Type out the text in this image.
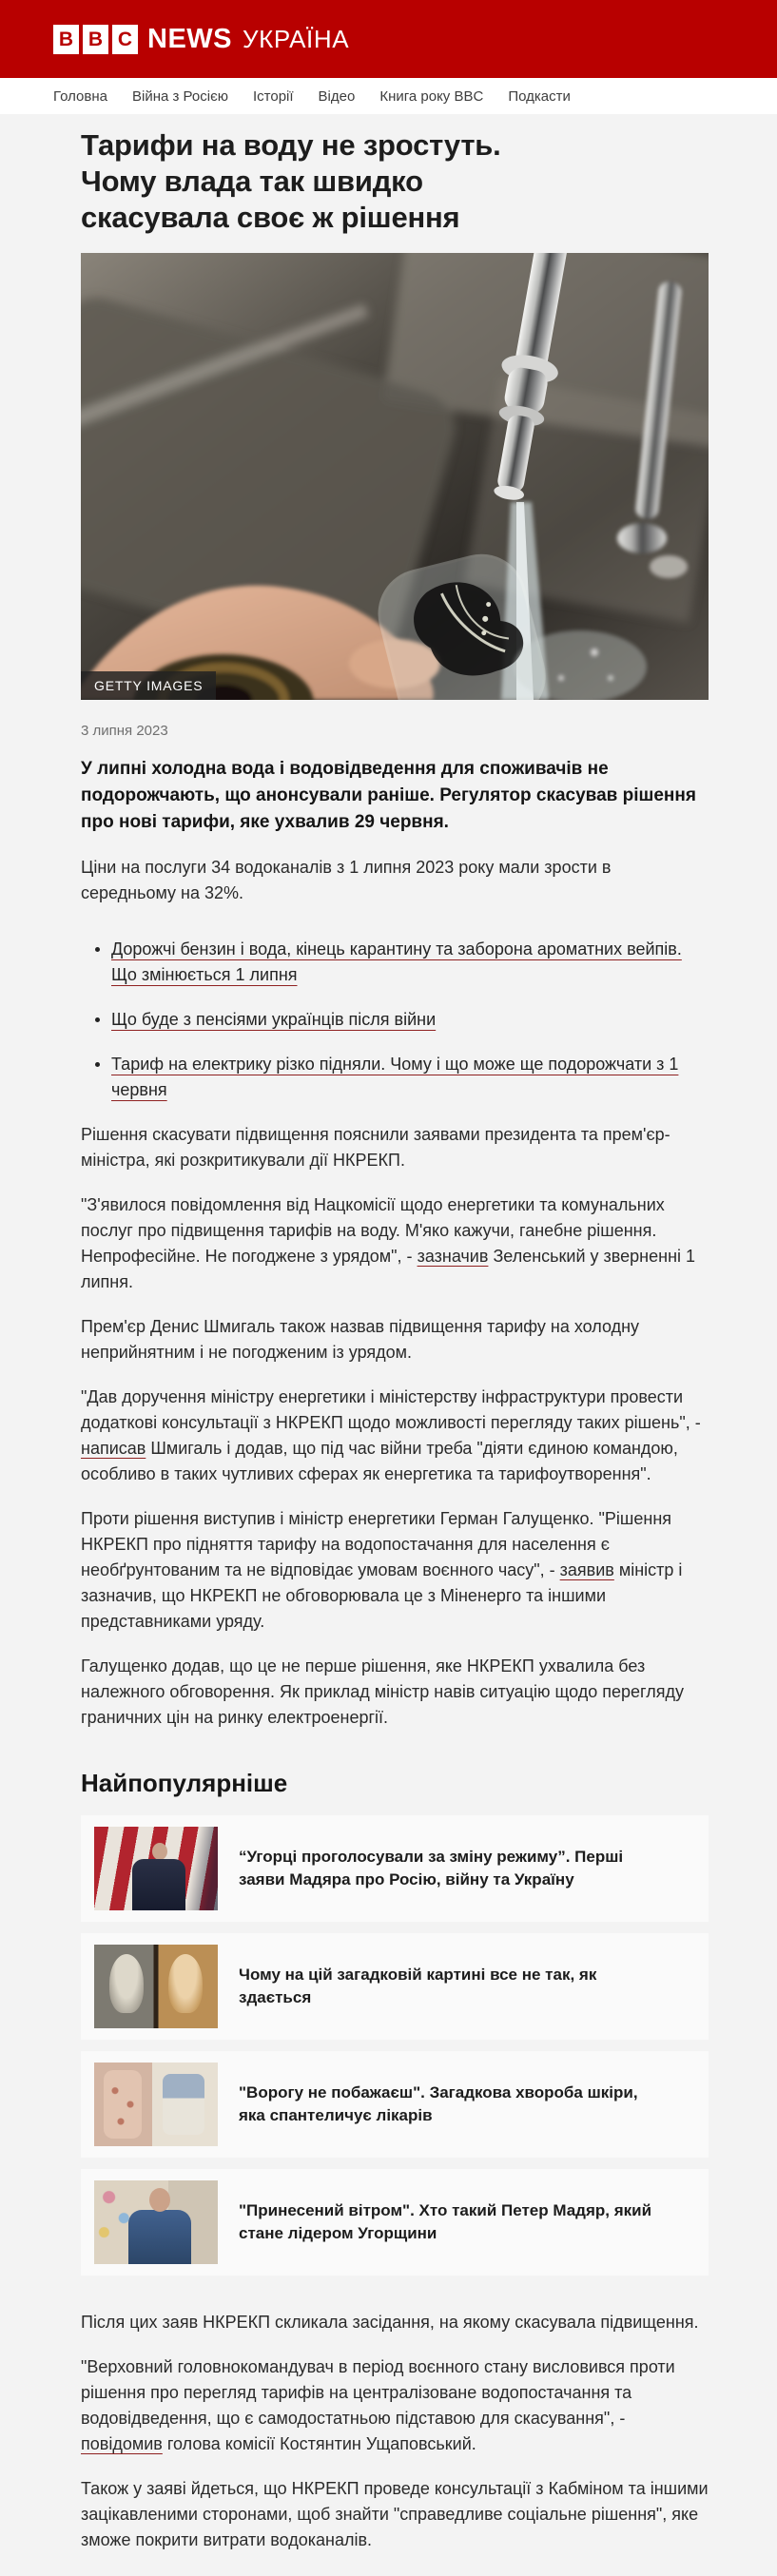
B B C NEWS УКРАЇНА
Головна Війна з Росією Історії Відео Книга року BBC Подкасти
Тарифи на воду не зростуть. Чому влада так швидко скасувала своє ж рішення
GETTY IMAGES
3 липня 2023

У липні холодна вода і водовідведення для споживачів не подорожчають, що анонсували раніше. Регулятор скасував рішення про нові тарифи, яке ухвалив 29 червня.

Ціни на послуги 34 водоканалів з 1 липня 2023 року мали зрости в середньому на 32%.

Дорожчі бензин і вода, кінець карантину та заборона ароматних вейпів. Що змінюється 1 липня
Що буде з пенсіями українців після війни
Тариф на електрику різко підняли. Чому і що може ще подорожчати з 1 червня

Рішення скасувати підвищення пояснили заявами президента та прем'єр-міністра, які розкритикували дії НКРЕКП.

"З'явилося повідомлення від Нацкомісії щодо енергетики та комунальних послуг про підвищення тарифів на воду. М'яко кажучи, ганебне рішення. Непрофесійне. Не погоджене з урядом", - зазначив Зеленський у зверненні 1 липня.

Прем'єр Денис Шмигаль також назвав підвищення тарифу на холодну неприйнятним і не погодженим із урядом.

"Дав доручення міністру енергетики і міністерству інфраструктури провести додаткові консультації з НКРЕКП щодо можливості перегляду таких рішень", - написав Шмигаль і додав, що під час війни треба "діяти єдиною командою, особливо в таких чутливих сферах як енергетика та тарифоутворення".

Проти рішення виступив і міністр енергетики Герман Галущенко. "Рішення НКРЕКП про підняття тарифу на водопостачання для населення є необґрунтованим та не відповідає умовам воєнного часу", - заявив міністр і зазначив, що НКРЕКП не обговорювала це з Міненерго та іншими представниками уряду.

Галущенко додав, що це не перше рішення, яке НКРЕКП ухвалила без належного обговорення. Як приклад міністр навів ситуацію щодо перегляду граничних цін на ринку електроенергії.

Найпопулярніше
“Угорці проголосували за зміну режиму”. Перші заяви Мадяра про Росію, війну та Україну
Чому на цій загадковій картині все не так, як здається
"Ворогу не побажаєш". Загадкова хвороба шкіри, яка спантеличує лікарів
"Принесений вітром". Хто такий Петер Мадяр, який стане лідером Угорщини

Після цих заяв НКРЕКП скликала засідання, на якому скасувала підвищення.

"Верховний головнокомандувач в період воєнного стану висловився проти рішення про перегляд тарифів на централізоване водопостачання та водовідведення, що є самодостатньою підставою для скасування", - повідомив голова комісії Костянтин Ущаповський.

Також у заяві йдеться, що НКРЕКП проведе консультації з Кабміном та іншими зацікавленими сторонами, щоб знайти "справедливе соціальне рішення", яке зможе покрити витрати водоканалів.
